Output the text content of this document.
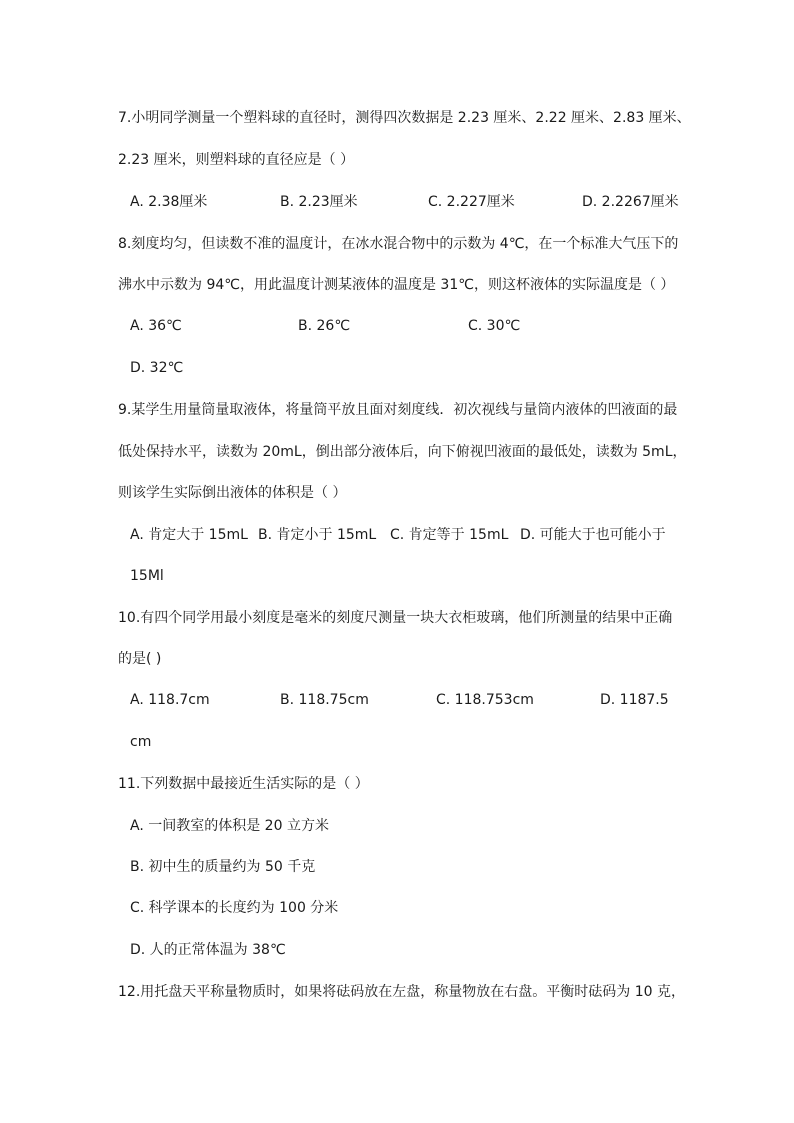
7.小明同学测量一个塑料球的直径时，测得四次数据是 2.23 厘米、2.22 厘米、2.83 厘米、
2.23 厘米，则塑料球的直径应是（ ）
A. 2.38厘米	B. 2.23厘米	C. 2.227厘米	D. 2.2267厘米
8.刻度均匀，但读数不准的温度计，在冰水混合物中的示数为 4℃，在一个标准大气压下的
沸水中示数为 94℃，用此温度计测某液体的温度是 31℃，则这杯液体的实际温度是（ ）
A. 36℃	B. 26℃	C. 30℃
D. 32℃
9.某学生用量筒量取液体，将量筒平放且面对刻度线．初次视线与量筒内液体的凹液面的最
低处保持水平，读数为 20mL，倒出部分液体后，向下俯视凹液面的最低处，读数为 5mL，
则该学生实际倒出液体的体积是（ ）
A. 肯定大于 15mL B. 肯定小于 15mL C. 肯定等于 15mL D. 可能大于也可能小于
15Ml
10.有四个同学用最小刻度是毫米的刻度尺测量一块大衣柜玻璃，他们所测量的结果中正确
的是( )
A. 118.7cm	B. 118.75cm	C. 118.753cm	D. 1187.5
cm
11.下列数据中最接近生活实际的是（ ）
A. 一间教室的体积是 20 立方米
B. 初中生的质量约为 50 千克
C. 科学课本的长度约为 100 分米
D. 人的正常体温为 38℃
12.用托盘天平称量物质时，如果将砝码放在左盘，称量物放在右盘。平衡时砝码为 10 克，
